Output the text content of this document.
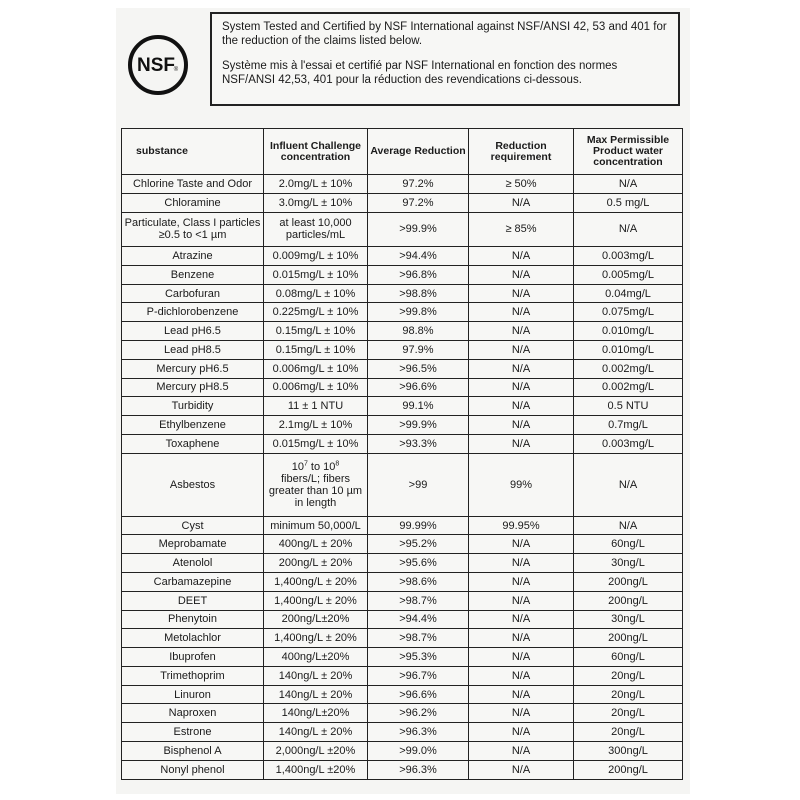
NSF
®

System Tested and Certified by NSF International against NSF/ANSI 42, 53 and 401 for the reduction of the claims listed below.

Système mis à l'essai et certifié par NSF International en fonction des normes NSF/ANSI 42,53, 401 pour la réduction des revendications ci-dessous.

substance	Influent Challenge concentration	Average Reduction	Reduction requirement	Max Permissible Product water concentration
Chlorine Taste and Odor	2.0mg/L ± 10%	97.2%	≥ 50%	N/A
Chloramine	3.0mg/L ± 10%	97.2%	N/A	0.5 mg/L
Particulate, Class I particles
≥0.5 to <1 µm	at least 10,000
particles/mL	>99.9%	≥ 85%	N/A
Atrazine	0.009mg/L ± 10%	>94.4%	N/A	0.003mg/L
Benzene	0.015mg/L ± 10%	>96.8%	N/A	0.005mg/L
Carbofuran	0.08mg/L ± 10%	>98.8%	N/A	0.04mg/L
P-dichlorobenzene	0.225mg/L ± 10%	>99.8%	N/A	0.075mg/L
Lead pH6.5	0.15mg/L ± 10%	98.8%	N/A	0.010mg/L
Lead pH8.5	0.15mg/L ± 10%	97.9%	N/A	0.010mg/L
Mercury pH6.5	0.006mg/L ± 10%	>96.5%	N/A	0.002mg/L
Mercury pH8.5	0.006mg/L ± 10%	>96.6%	N/A	0.002mg/L
Turbidity	11 ± 1 NTU	99.1%	N/A	0.5 NTU
Ethylbenzene	2.1mg/L ± 10%	>99.9%	N/A	0.7mg/L
Toxaphene	0.015mg/L ± 10%	>93.3%	N/A	0.003mg/L
Asbestos	$10^7$ to $10^8$
fibers/L; fibers
greater than 10 µm
in length	>99	99%	N/A
Cyst	minimum 50,000/L	99.99%	99.95%	N/A
Meprobamate	400ng/L ± 20%	>95.2%	N/A	60ng/L
Atenolol	200ng/L ± 20%	>95.6%	N/A	30ng/L
Carbamazepine	1,400ng/L ± 20%	>98.6%	N/A	200ng/L
DEET	1,400ng/L ± 20%	>98.7%	N/A	200ng/L
Phenytoin	200ng/L±20%	>94.4%	N/A	30ng/L
Metolachlor	1,400ng/L ± 20%	>98.7%	N/A	200ng/L
Ibuprofen	400ng/L±20%	>95.3%	N/A	60ng/L
Trimethoprim	140ng/L ± 20%	>96.7%	N/A	20ng/L
Linuron	140ng/L ± 20%	>96.6%	N/A	20ng/L
Naproxen	140ng/L±20%	>96.2%	N/A	20ng/L
Estrone	140ng/L ± 20%	>96.3%	N/A	20ng/L
Bisphenol A	2,000ng/L ±20%	>99.0%	N/A	300ng/L
Nonyl phenol	1,400ng/L ±20%	>96.3%	N/A	200ng/L
